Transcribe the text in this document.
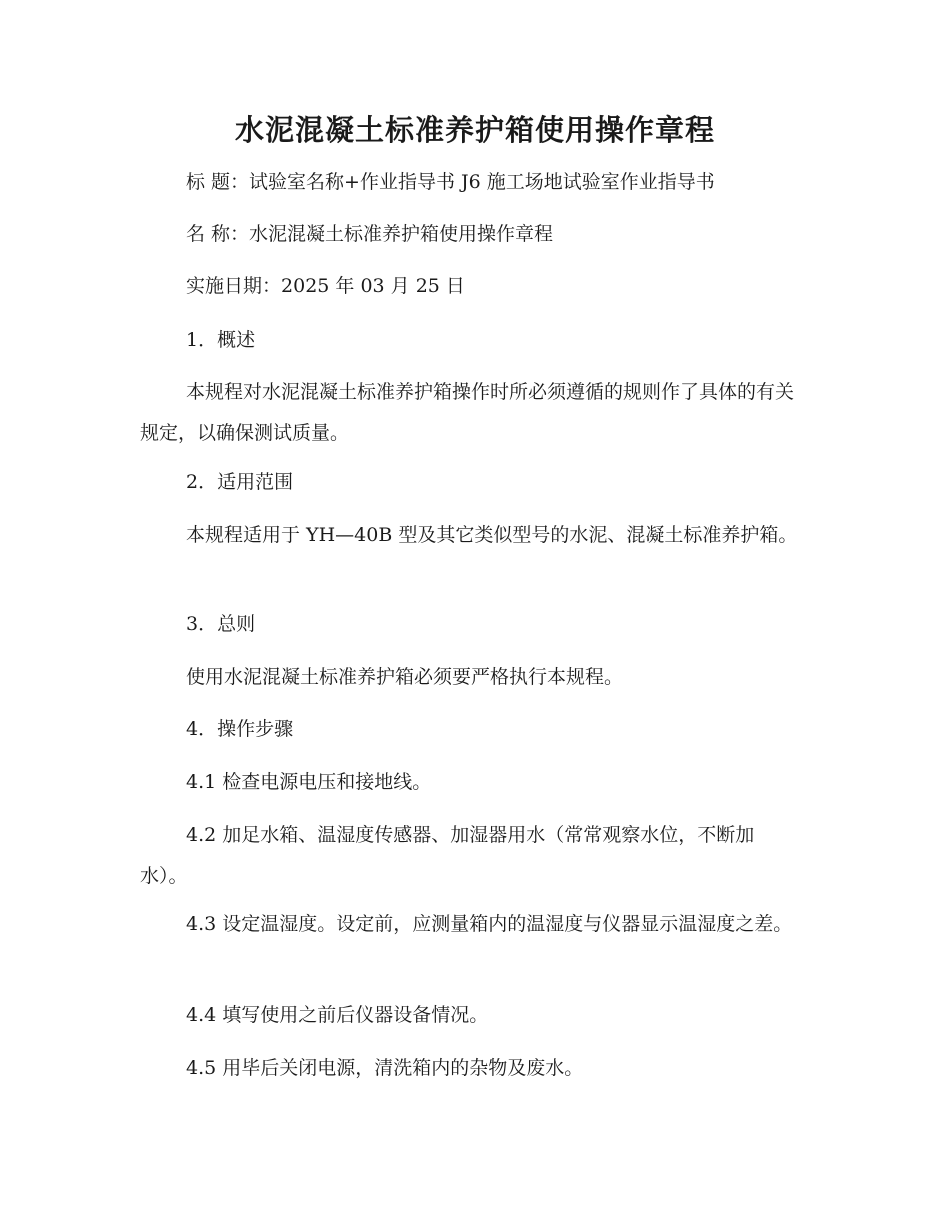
水泥混凝土标准养护箱使用操作章程
标 题：试验室名称+作业指导书 J6 施工场地试验室作业指导书
名 称：水泥混凝土标准养护箱使用操作章程
实施日期：2025 年 03 月 25 日
1．概述
本规程对水泥混凝土标准养护箱操作时所必须遵循的规则作了具体的有关规定，以确保测试质量。
2．适用范围
本规程适用于 YH—40B 型及其它类似型号的水泥、混凝土标准养护箱。
3．总则
使用水泥混凝土标准养护箱必须要严格执行本规程。
4．操作步骤
4.1 检查电源电压和接地线。
4.2 加足水箱、温湿度传感器、加湿器用水（常常观察水位，不断加水）。
4.3 设定温湿度。设定前，应测量箱内的温湿度与仪器显示温湿度之差。
4.4 填写使用之前后仪器设备情况。
4.5 用毕后关闭电源，清洗箱内的杂物及废水。
